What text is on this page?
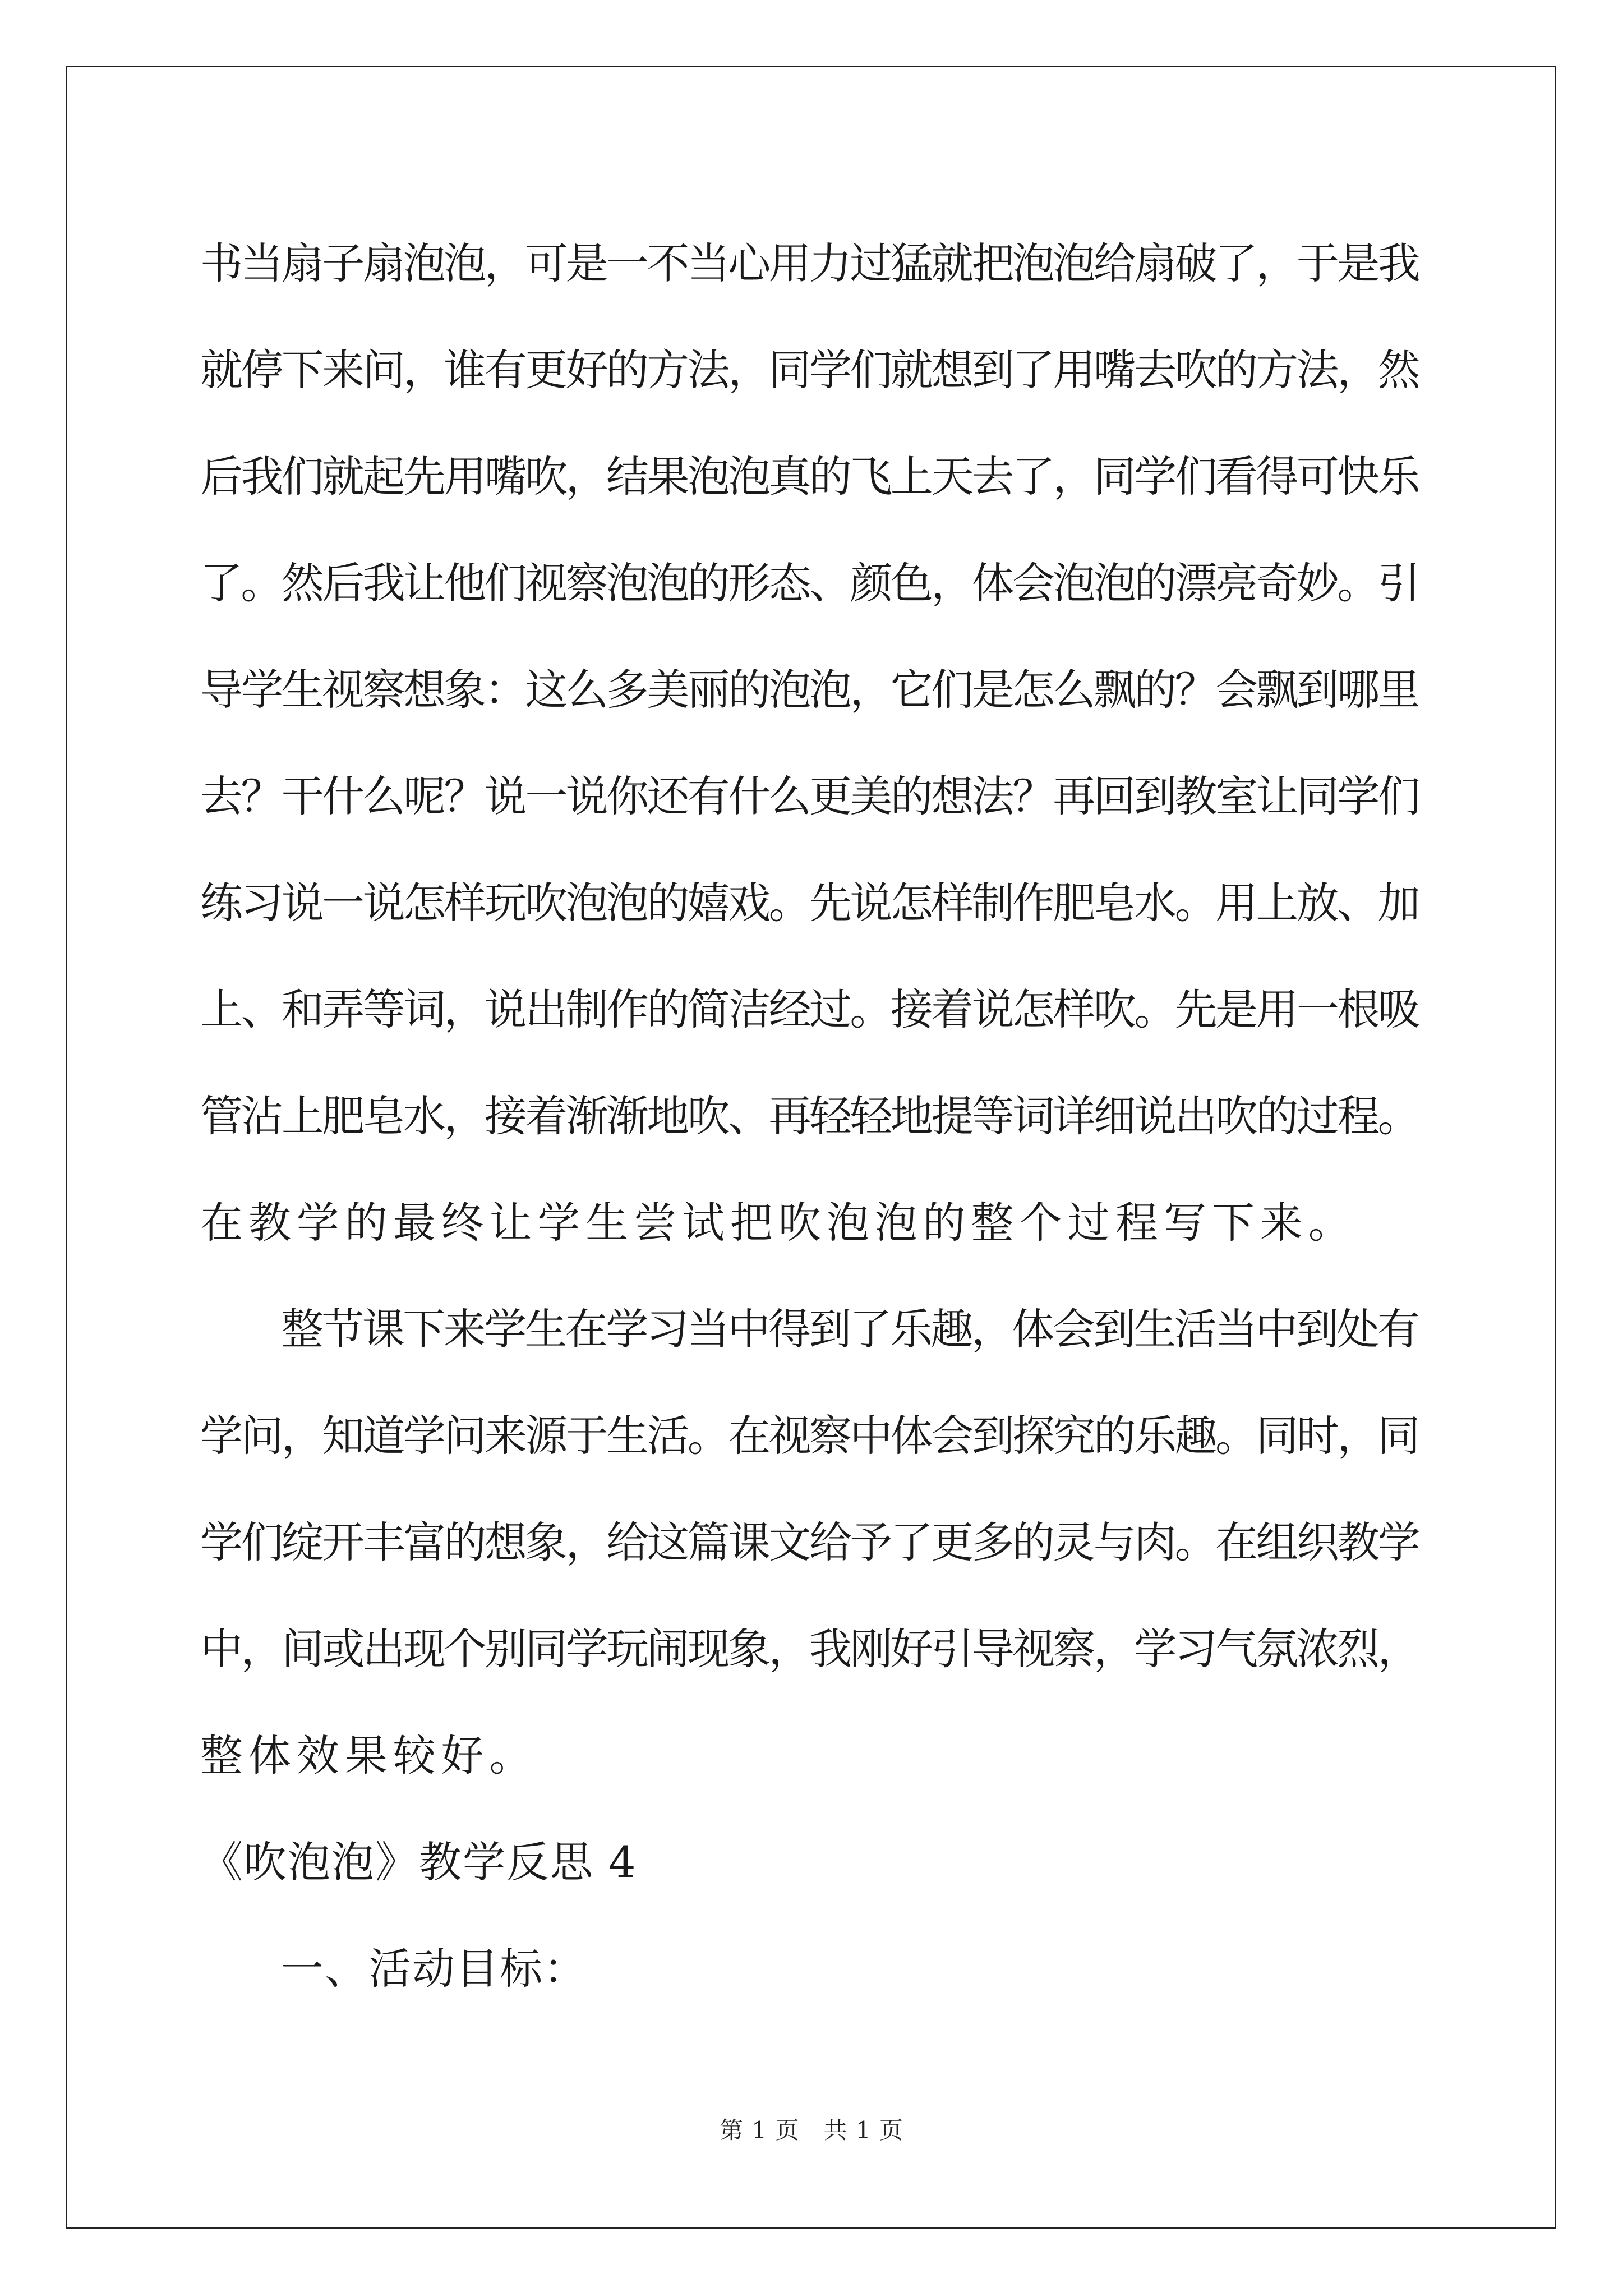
书当扇子扇泡泡，可是一不当心用力过猛就把泡泡给扇破了，于是我
就停下来问，谁有更好的方法，同学们就想到了用嘴去吹的方法，然
后我们就起先用嘴吹，结果泡泡真的飞上天去了，同学们看得可快乐
了。然后我让他们视察泡泡的形态、颜色，体会泡泡的漂亮奇妙。引
导学生视察想象：这么多美丽的泡泡，它们是怎么飘的？会飘到哪里
去？干什么呢？说一说你还有什么更美的想法？再回到教室让同学们
练习说一说怎样玩吹泡泡的嬉戏。先说怎样制作肥皂水。用上放、加
上、和弄等词，说出制作的简洁经过。接着说怎样吹。先是用一根吸
管沾上肥皂水，接着渐渐地吹、再轻轻地提等词详细说出吹的过程。
在教学的最终让学生尝试把吹泡泡的整个过程写下来。
整节课下来学生在学习当中得到了乐趣，体会到生活当中到处有
学问，知道学问来源于生活。在视察中体会到探究的乐趣。同时，同
学们绽开丰富的想象，给这篇课文给予了更多的灵与肉。在组织教学
中，间或出现个别同学玩闹现象，我刚好引导视察，学习气氛浓烈，
整体效果较好。
《吹泡泡》教学反思 4
一、活动目标：
第 1 页　共 1 页
